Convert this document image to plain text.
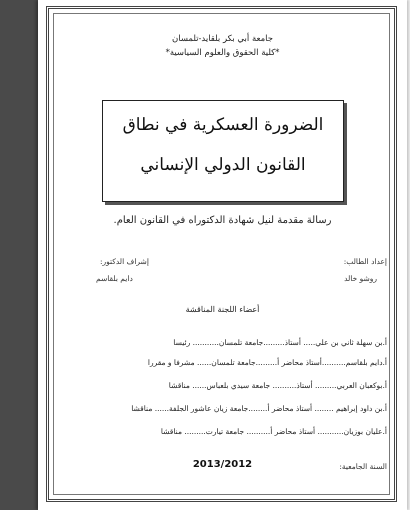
جامعة أبي بكر بلقايد-تلمسان
*كلية الحقوق والعلوم السياسية*
الضرورة العسكرية في نطاق
القانون الدولي الإنساني
رسالة مقدمة لنيل شهادة الدكتوراه في القانون العام.
إعداد الطالب:
روشو خالد
إشراف الدكتور:
دايم بلقاسم
أعضاء اللجنة المناقشة
أ.بن سهلة ثاني بن علي..... أستاذ.........جامعة تلمسان........... رئيسا
أ.دايم بلقاسم..........أستاذ محاضر أ.........جامعة تلمسان...... مشرفا و مقررا
أ.بوكعبان العربي......... أستاذ.......... جامعة سيدي بلعباس...... مناقشا
أ.بن داود إبراهيم ........ أستاذ محاضر أ........جامعة زيان عاشور الجلفة...... مناقشا
أ.عليان بوزيان........... أستاذ محاضر أ.......... جامعة تيارت......... مناقشا
السنة الجامعية:
2013/2012
